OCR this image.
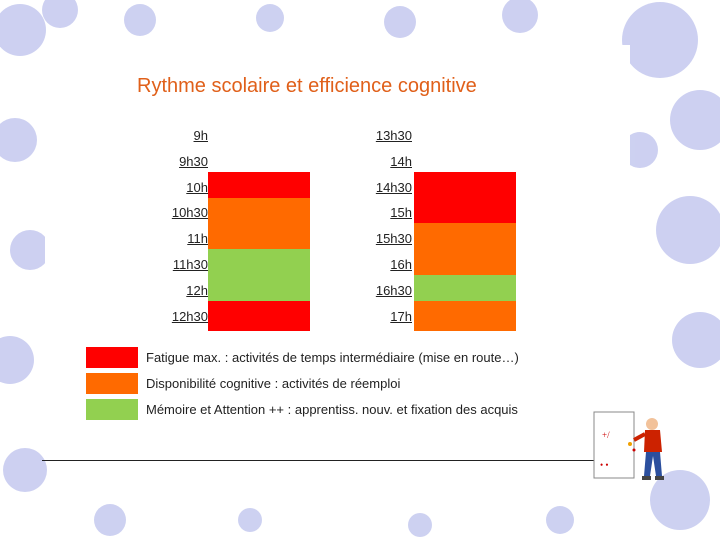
Rythme scolaire et efficience cognitive
9h
9h30
10h
10h30
11h
11h30
12h
12h30
13h30
14h
14h30
15h
15h30
16h
16h30
17h
Fatigue max. : activités de temps intermédiaire (mise en route…)
Disponibilité cognitive : activités de réemploi
Mémoire et Attention ++ : apprentiss. nouv. et fixation des acquis
+/
• •
